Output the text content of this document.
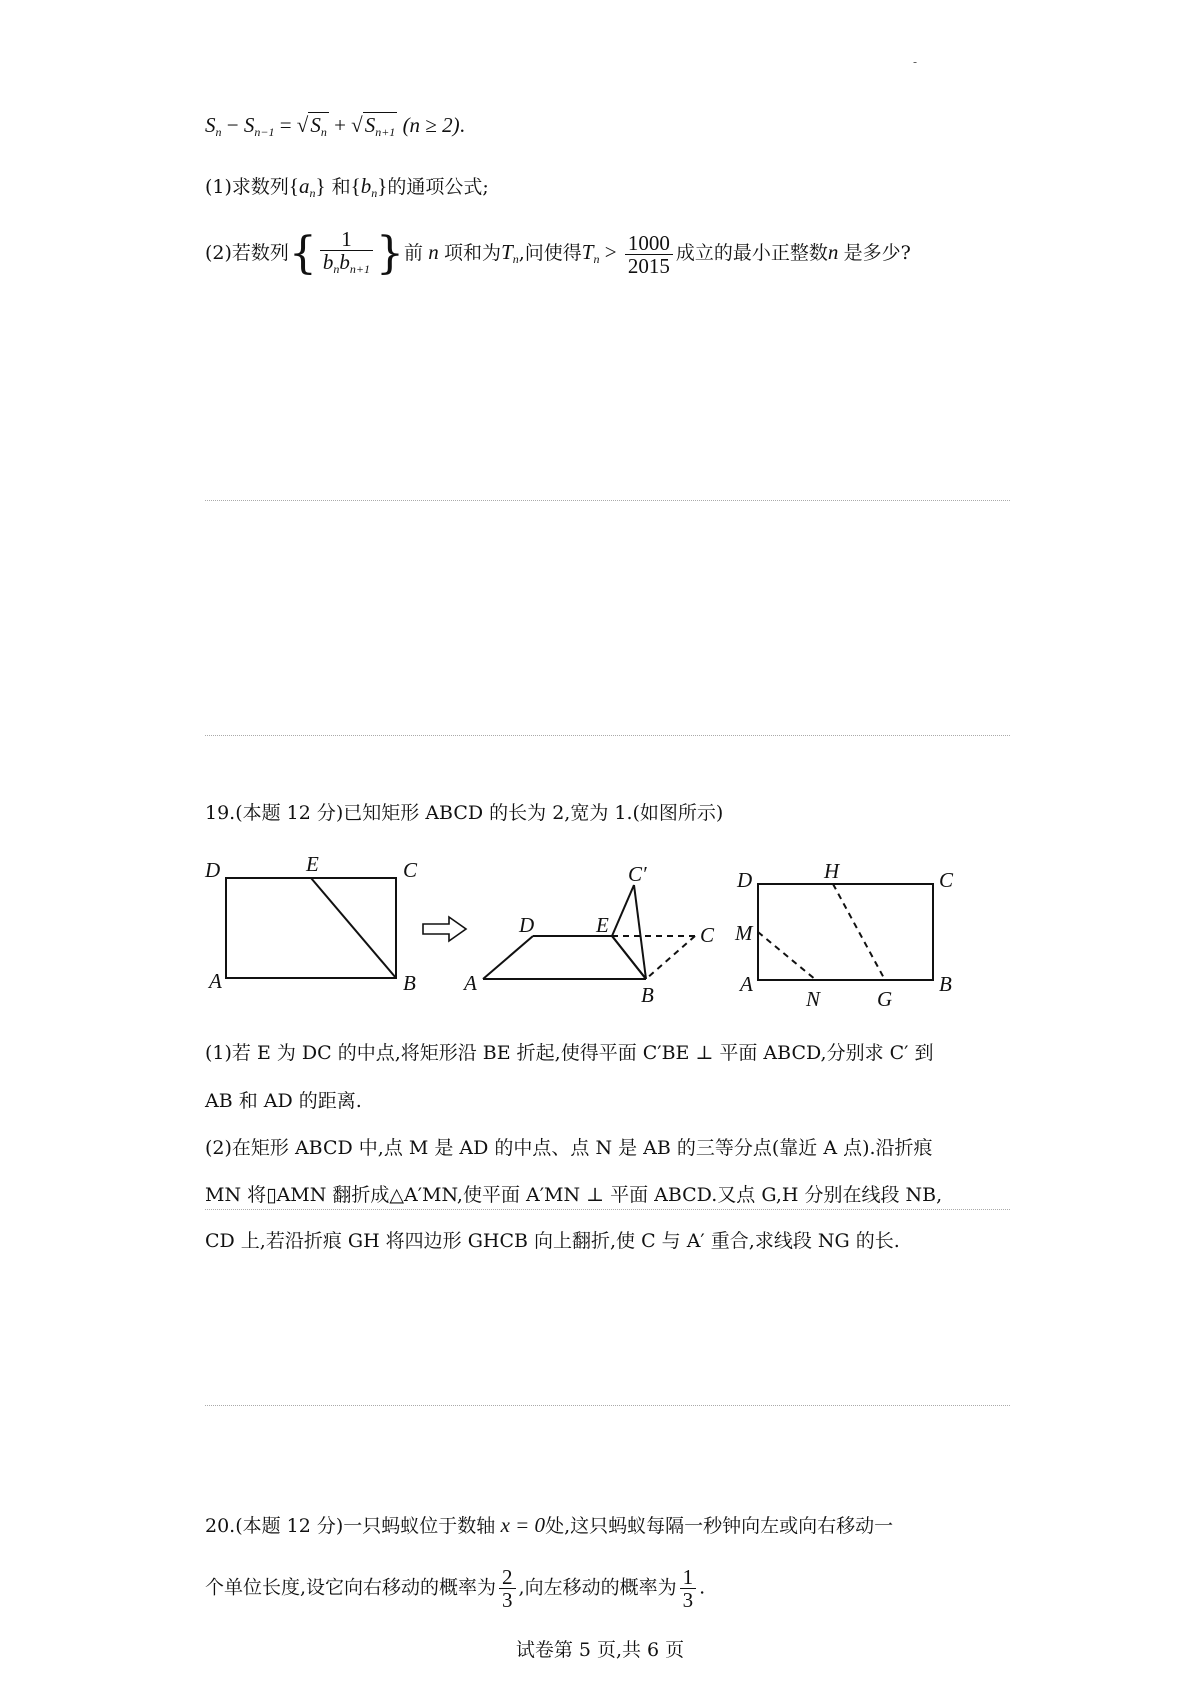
-
$S_n - S_{n-1} = √S_n + √S_{n+1}$ (n ≥ 2).
(1)求数列$\{a_n\}$ 和$\{b_n\}$的通项公式;
(2)若数列{ $\frac{1}{b_nb_{n+1}}$ }前 n 项和为$T_n$,问使得$T_n > \frac{1000}{2015}$ 成立的最小正整数n 是多少?
19.(本题 12 分)已知矩形 ABCD 的长为 2,宽为 1.(如图所示)
D	E	C
A	B
C′
D	E	C
A	B
D	H	C
M
A
N	G
B
(1)若 E 为 DC 的中点,将矩形沿 BE 折起,使得平面 C′BE ⊥ 平面 ABCD,分别求 C′ 到
AB 和 AD 的距离.
(2)在矩形 ABCD 中,点 M 是 AD 的中点、点 N 是 AB 的三等分点(靠近 A 点).沿折痕
MN 将▯AMN 翻折成△A′MN,使平面 A′MN ⊥ 平面 ABCD.又点 G,H 分别在线段 NB,
CD 上,若沿折痕 GH 将四边形 GHCB 向上翻折,使 C 与 A′ 重合,求线段 NG 的长.
20.(本题 12 分)一只蚂蚁位于数轴 x = 0处,这只蚂蚁每隔一秒钟向左或向右移动一
个单位长度,设它向右移动的概率为 $\frac{2}{3}$ ,向左移动的概率为 $\frac{1}{3}$ .
试卷第 5 页,共 6 页
